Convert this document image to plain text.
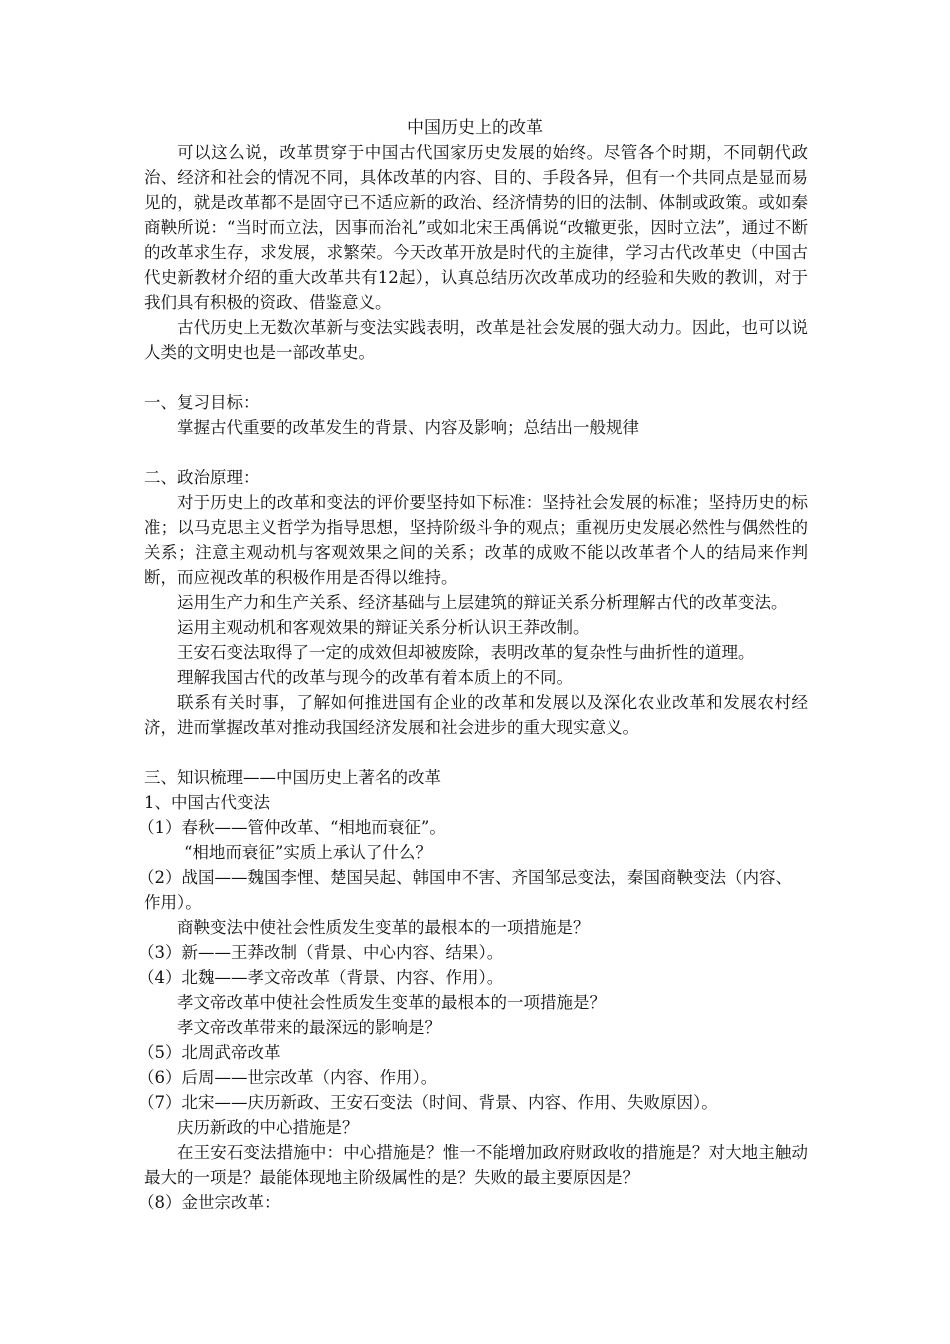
中国历史上的改革
可以这么说，改革贯穿于中国古代国家历史发展的始终。尽管各个时期，不同朝代政治、经济和社会的情况不同，具体改革的内容、目的、手段各异，但有一个共同点是显而易见的，就是改革都不是固守已不适应新的政治、经济情势的旧的法制、体制或政策。或如秦商鞅所说：“当时而立法，因事而治礼”或如北宋王禹偁说“改辙更张，因时立法”，通过不断的改革求生存，求发展，求繁荣。今天改革开放是时代的主旋律，学习古代改革史（中国古代史新教材介绍的重大改革共有12起），认真总结历次改革成功的经验和失败的教训，对于我们具有积极的资政、借鉴意义。
古代历史上无数次革新与变法实践表明，改革是社会发展的强大动力。因此，也可以说人类的文明史也是一部改革史。
一、复习目标：
掌握古代重要的改革发生的背景、内容及影响；总结出一般规律
二、政治原理：
对于历史上的改革和变法的评价要坚持如下标准：坚持社会发展的标准；坚持历史的标准；以马克思主义哲学为指导思想，坚持阶级斗争的观点；重视历史发展必然性与偶然性的关系；注意主观动机与客观效果之间的关系；改革的成败不能以改革者个人的结局来作判断，而应视改革的积极作用是否得以维持。
运用生产力和生产关系、经济基础与上层建筑的辩证关系分析理解古代的改革变法。
运用主观动机和客观效果的辩证关系分析认识王莽改制。
王安石变法取得了一定的成效但却被废除，表明改革的复杂性与曲折性的道理。
理解我国古代的改革与现今的改革有着本质上的不同。
联系有关时事，了解如何推进国有企业的改革和发展以及深化农业改革和发展农村经济，进而掌握改革对推动我国经济发展和社会进步的重大现实意义。
三、知识梳理——中国历史上著名的改革
1、中国古代变法
（1）春秋——管仲改革、“相地而衰征”。
“相地而衰征”实质上承认了什么？
（2）战国——魏国李悝、楚国吴起、韩国申不害、齐国邹忌变法，秦国商鞅变法（内容、
作用）。
商鞅变法中使社会性质发生变革的最根本的一项措施是？
（3）新——王莽改制（背景、中心内容、结果）。
（4）北魏——孝文帝改革（背景、内容、作用）。
孝文帝改革中使社会性质发生变革的最根本的一项措施是？
孝文帝改革带来的最深远的影响是？
（5）北周武帝改革
（6）后周——世宗改革（内容、作用）。
（7）北宋——庆历新政、王安石变法（时间、背景、内容、作用、失败原因）。
庆历新政的中心措施是？
在王安石变法措施中：中心措施是？惟一不能增加政府财政收的措施是？对大地主触动最大的一项是？最能体现地主阶级属性的是？失败的最主要原因是？
（8）金世宗改革：
